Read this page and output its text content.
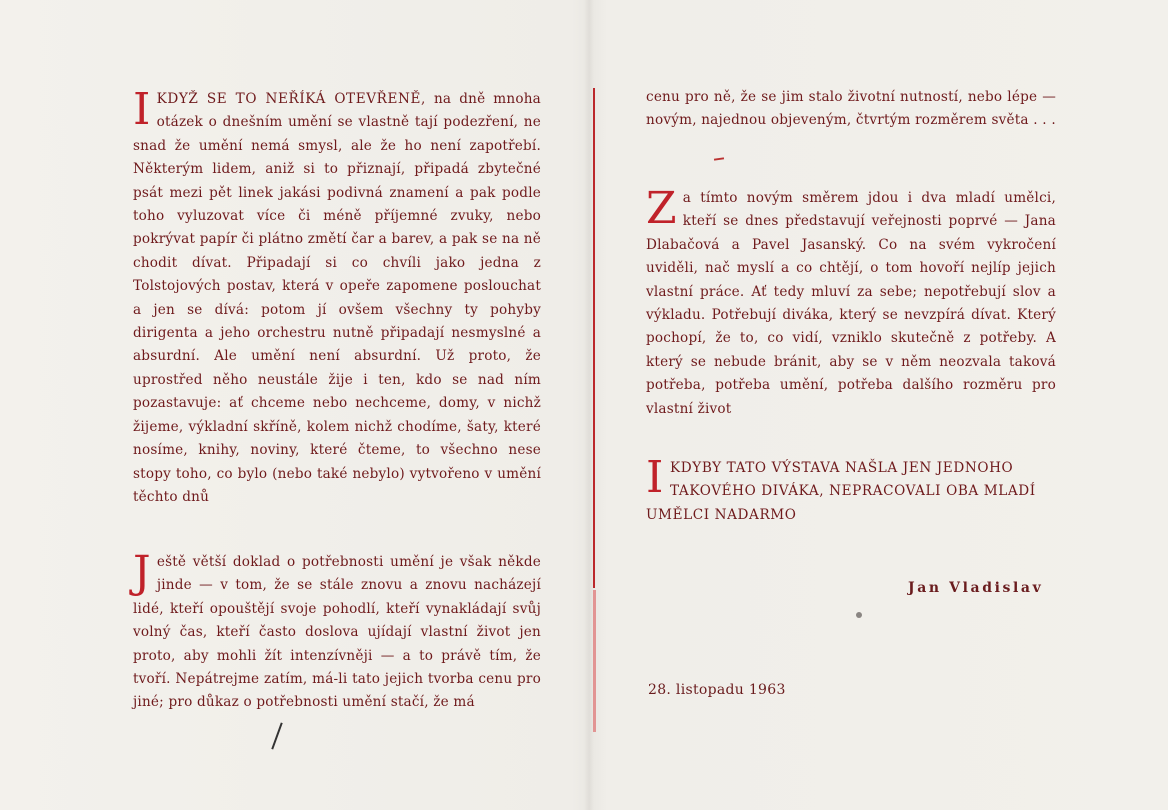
IKDYŽ SE TO NEŘÍKÁ OTEVŘENĚ, na dně mnoha otázek o dnešním umění se vlastně tají podezření, ne snad že umění nemá smysl, ale že ho není zapotřebí. Některým lidem, aniž si to přiznají, připadá zbytečné psát mezi pět linek jakási podivná znamení a pak podle toho vyluzovat více či méně příjemné zvuky, nebo pokrývat papír či plátno změtí čar a barev, a pak se na ně chodit dívat. Připadají si co chvíli jako jedna z Tolstojových postav, která v opeře zapomene poslouchat a jen se dívá: potom jí ovšem všechny ty pohyby dirigenta a jeho orchestru nutně připadají nesmyslné a absurdní. Ale umění není absurdní. Už proto, že uprostřed něho neustále žije i ten, kdo se nad ním pozastavuje: ať chceme nebo nechceme, domy, v nichž žijeme, výkladní skříně, kolem nichž chodíme, šaty, které nosíme, knihy, noviny, které čteme, to všechno nese stopy toho, co bylo (nebo také nebylo) vytvořeno v umění těchto dnů

Ještě větší doklad o potřebnosti umění je však někde jinde — v tom, že se stále znovu a znovu nacházejí lidé, kteří opouštějí svoje pohodlí, kteří vynakládají svůj volný čas, kteří často doslova ujídají vlastní život jen proto, aby mohli žít intenzívněji — a to právě tím, že tvoří. Nepátrejme zatím, má-li tato jejich tvorba cenu pro jiné; pro důkaz o potřebnosti umění stačí, že má

cenu pro ně, že se jim stalo životní nutností, nebo lépe — novým, najednou objeveným, čtvrtým rozměrem světa . . .

Za tímto novým směrem jdou i dva mladí umělci, kteří se dnes představují veřejnosti poprvé — Jana Dlabačová a Pavel Jasanský. Co na svém vykročení uviděli, nač myslí a co chtějí, o tom hovoří nejlíp jejich vlastní práce. Ať tedy mluví za sebe; nepotřebují slov a výkladu. Potřebují diváka, který se nevzpírá dívat. Který pochopí, že to, co vidí, vzniklo skutečně z potřeby. A který se nebude bránit, aby se v něm neozvala taková potřeba, potřeba umění, potřeba dalšího rozměru pro vlastní život

IKDYBY TATO VÝSTAVA NAŠLA JEN JEDNOHO TAKOVÉHO DIVÁKA, NEPRACOVALI OBA MLADÍ UMĚLCI NADARMO

Jan Vladislav
28. listopadu 1963
